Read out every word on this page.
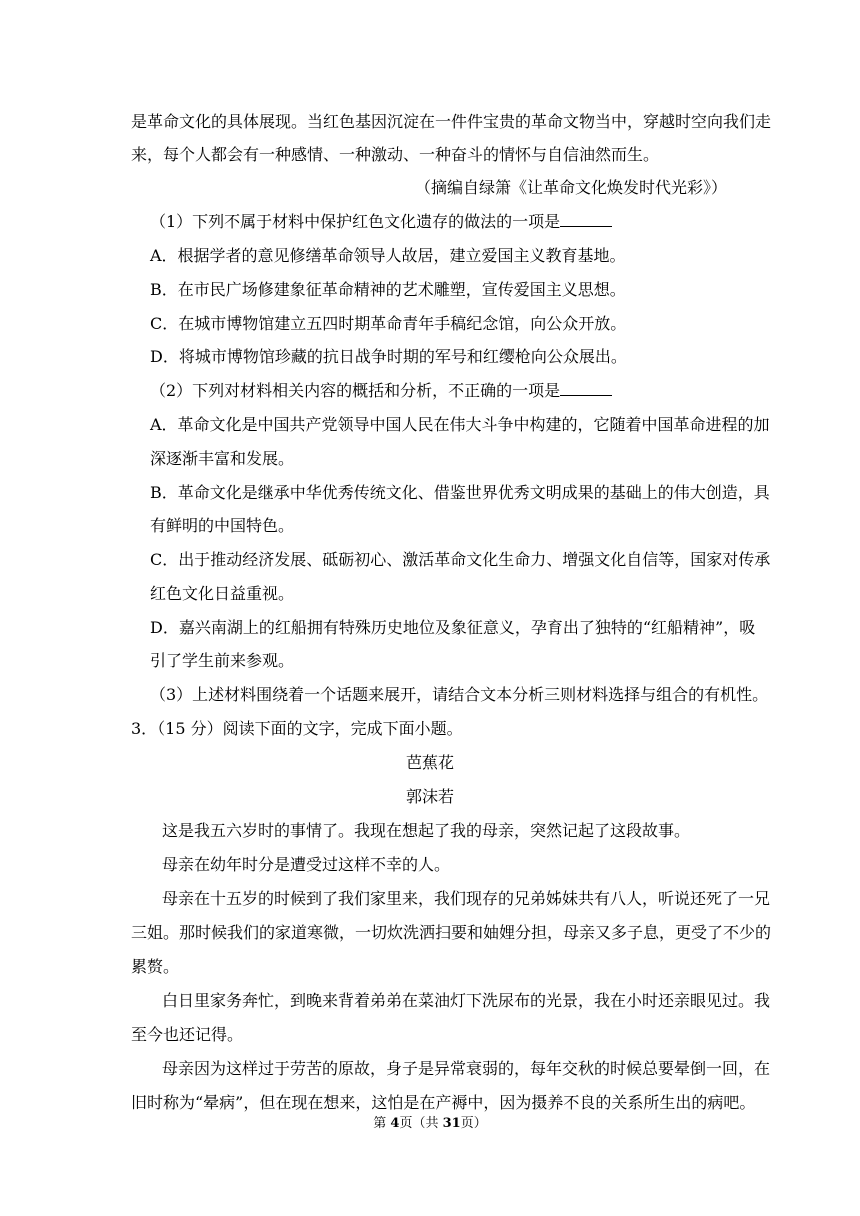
是革命文化的具体展现。当红色基因沉淀在一件件宝贵的革命文物当中，穿越时空向我们走
来，每个人都会有一种感情、一种激动、一种奋斗的情怀与自信油然而生。
（摘编自绿箫《让革命文化焕发时代光彩》）
（1）下列不属于材料中保护红色文化遗存的做法的一项是
A．根据学者的意见修缮革命领导人故居，建立爱国主义教育基地。
B．在市民广场修建象征革命精神的艺术雕塑，宣传爱国主义思想。
C．在城市博物馆建立五四时期革命青年手稿纪念馆，向公众开放。
D．将城市博物馆珍藏的抗日战争时期的军号和红缨枪向公众展出。
（2）下列对材料相关内容的概括和分析，不正确的一项是
A．革命文化是中国共产党领导中国人民在伟大斗争中构建的，它随着中国革命进程的加
深逐渐丰富和发展。
B．革命文化是继承中华优秀传统文化、借鉴世界优秀文明成果的基础上的伟大创造，具
有鲜明的中国特色。
C．出于推动经济发展、砥砺初心、激活革命文化生命力、增强文化自信等，国家对传承
红色文化日益重视。
D．嘉兴南湖上的红船拥有特殊历史地位及象征意义，孕育出了独特的“红船精神”，吸
引了学生前来参观。
（3）上述材料围绕着一个话题来展开，请结合文本分析三则材料选择与组合的有机性。
3．（15 分）阅读下面的文字，完成下面小题。
芭蕉花
郭沫若
这是我五六岁时的事情了。我现在想起了我的母亲，突然记起了这段故事。
母亲在幼年时分是遭受过这样不幸的人。
母亲在十五岁的时候到了我们家里来，我们现存的兄弟姊妹共有八人，听说还死了一兄
三姐。那时候我们的家道寒微，一切炊洗洒扫要和妯娌分担，母亲又多子息，更受了不少的
累赘。
白日里家务奔忙，到晚来背着弟弟在菜油灯下洗尿布的光景，我在小时还亲眼见过。我
至今也还记得。
母亲因为这样过于劳苦的原故，身子是异常衰弱的，每年交秋的时候总要晕倒一回，在
旧时称为“晕病”，但在现在想来，这怕是在产褥中，因为摄养不良的关系所生出的病吧。
第 4页（共 31页）
